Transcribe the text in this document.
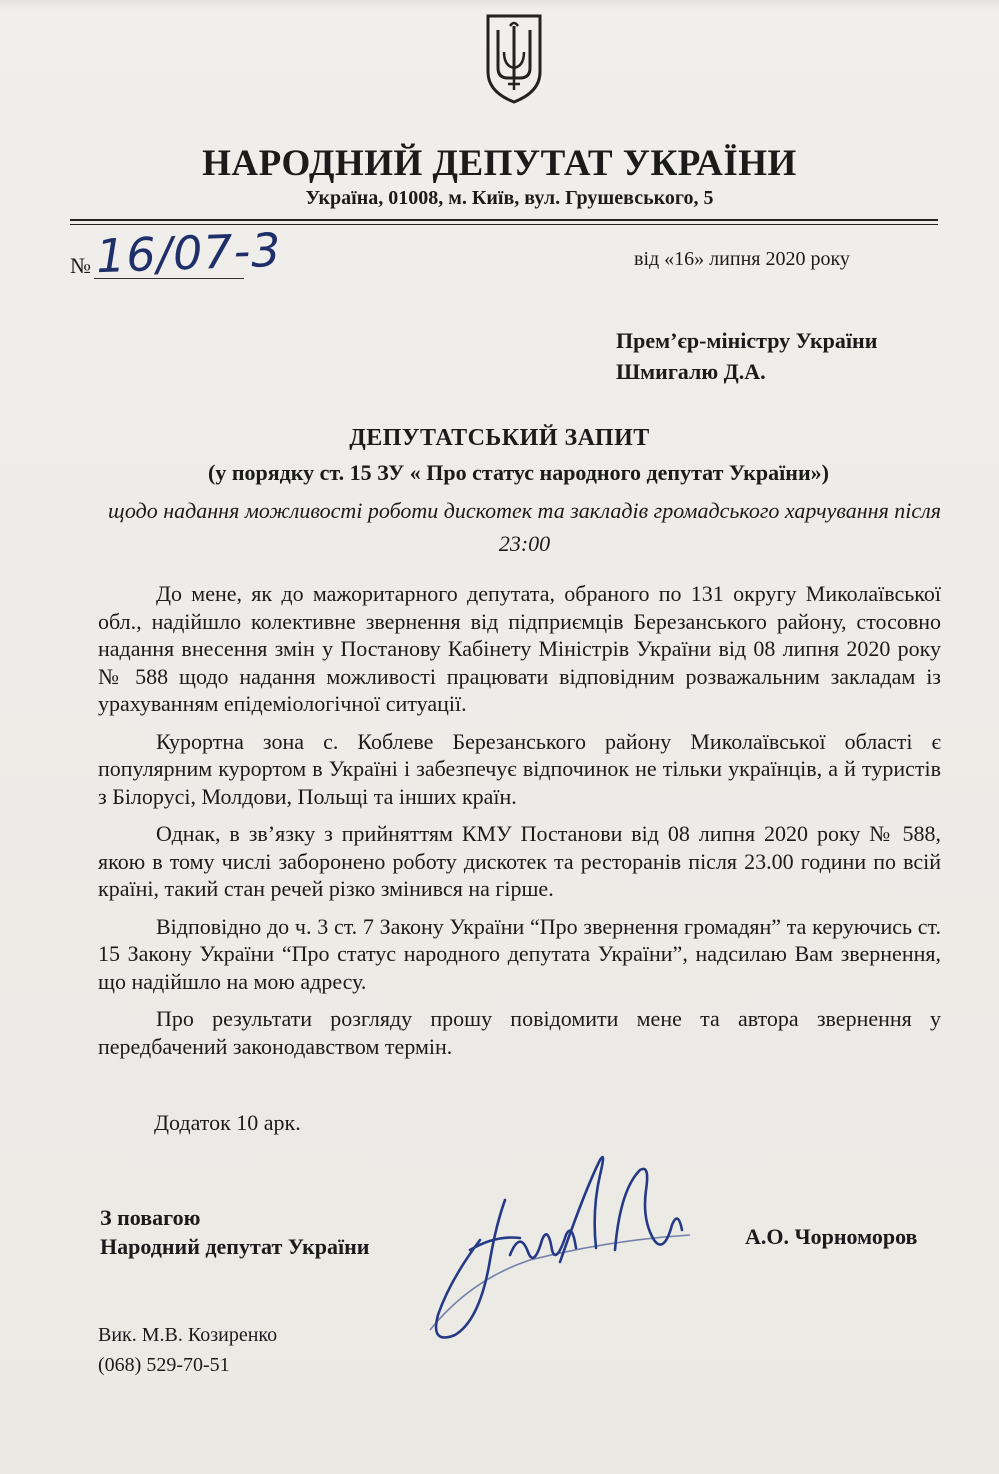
НАРОДНИЙ ДЕПУТАТ УКРАЇНИ
Україна, 01008, м. Київ, вул. Грушевського, 5
№ 16/07-3	від «16» липня 2020 року
Прем’єр-міністру України
Шмигалю Д.А.
ДЕПУТАТСЬКИЙ ЗАПИТ
(у порядку ст. 15 ЗУ « Про статус народного депутат України»)
щодо надання можливості роботи дискотек та закладів громадського харчування після 23:00

До мене, як до мажоритарного депутата, обраного по 131 округу Миколаївської обл., надійшло колективне звернення від підприємців Березанського району, стосовно надання внесення змін у Постанову Кабінету Міністрів України від 08 липня 2020 року № 588 щодо надання можливості працювати відповідним розважальним закладам із урахуванням епідеміологічної ситуації.

Курортна зона с. Коблеве Березанського району Миколаївської області є популярним курортом в Україні і забезпечує відпочинок не тільки українців, а й туристів з Білорусі, Молдови, Польщі та інших країн.

Однак, в зв’язку з прийняттям КМУ Постанови від 08 липня 2020 року № 588, якою в тому числі заборонено роботу дискотек та ресторанів після 23.00 години по всій країні, такий стан речей різко змінився на гірше.

Відповідно до ч. 3 ст. 7 Закону України “Про звернення громадян” та керуючись ст. 15 Закону України “Про статус народного депутата України”, надсилаю Вам звернення, що надійшло на мою адресу.

Про результати розгляду прошу повідомити мене та автора звернення у передбачений законодавством термін.

Додаток 10 арк.
З повагою
Народний депутат України	А.О. Чорноморов
Вик. М.В. Козиренко
(068) 529-70-51
